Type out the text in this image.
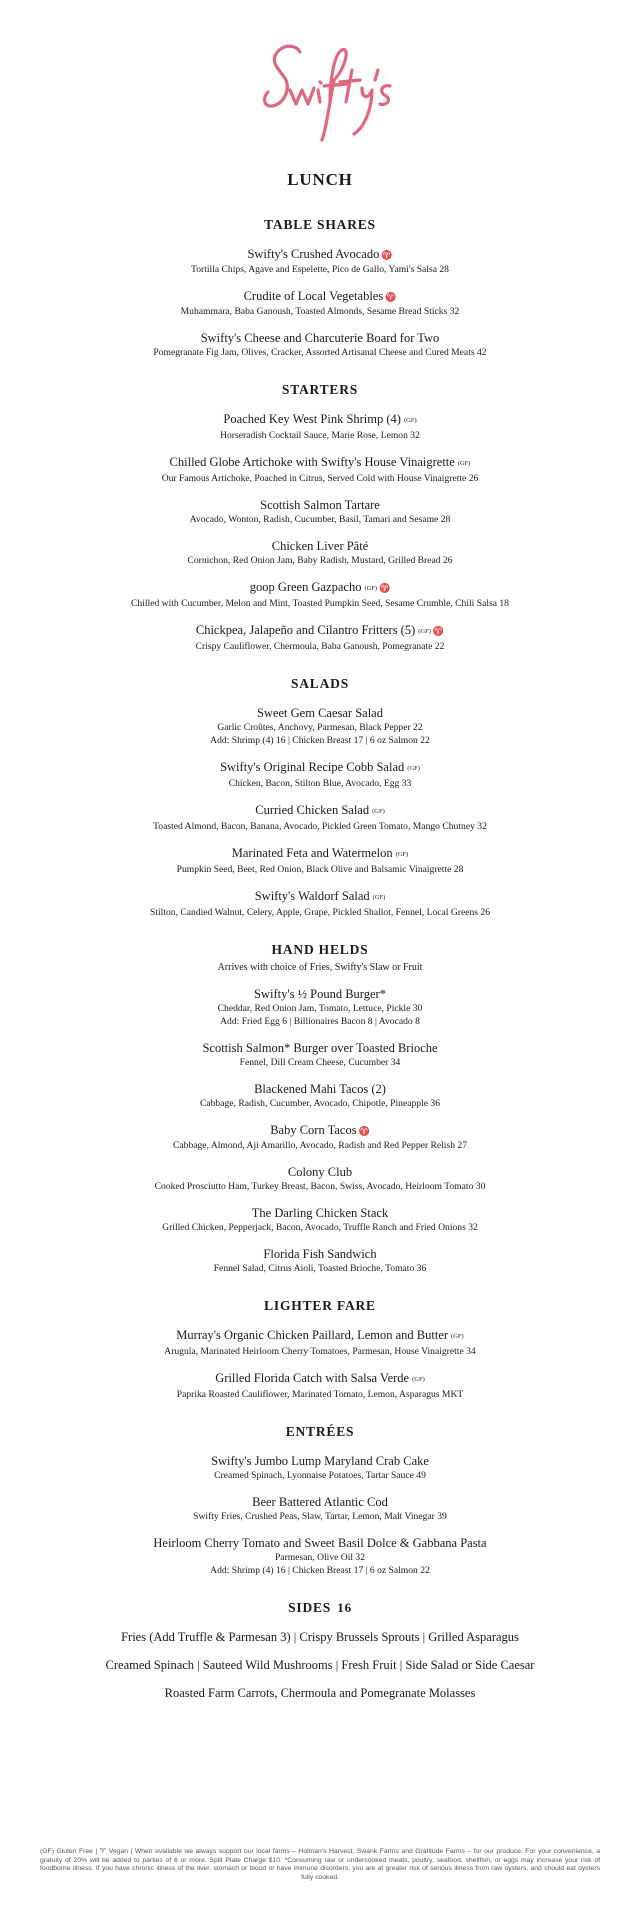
LUNCH
TABLE SHARES
Swifty's Crushed Avocado ♈
Tortilla Chips, Agave and Espelette, Pico de Gallo, Yami's Salsa 28
Crudite of Local Vegetables ♈
Muhammara, Baba Ganoush, Toasted Almonds, Sesame Bread Sticks 32
Swifty's Cheese and Charcuterie Board for Two
Pomegranate Fig Jam, Olives, Cracker, Assorted Artisanal Cheese and Cured Meats 42
STARTERS
Poached Key West Pink Shrimp (4) (GF)
Horseradish Cocktail Sauce, Marie Rose, Lemon 32
Chilled Globe Artichoke with Swifty's House Vinaigrette (GF)
Our Famous Artichoke, Poached in Citrus, Served Cold with House Vinaigrette 26
Scottish Salmon Tartare
Avocado, Wonton, Radish, Cucumber, Basil, Tamari and Sesame 28
Chicken Liver Pâté
Cornichon, Red Onion Jam, Baby Radish, Mustard, Grilled Bread 26
goop Green Gazpacho (GF) ♈
Chilled with Cucumber, Melon and Mint, Toasted Pumpkin Seed, Sesame Crumble, Chili Salsa 18
Chickpea, Jalapeño and Cilantro Fritters (5) (GF) ♈
Crispy Cauliflower, Chermoula, Baba Ganoush, Pomegranate 22
SALADS
Sweet Gem Caesar Salad
Garlic Croûtes, Anchovy, Parmesan, Black Pepper 22
Add: Shrimp (4) 16 | Chicken Breast 17 | 6 oz Salmon 22
Swifty's Original Recipe Cobb Salad (GF)
Chicken, Bacon, Stilton Blue, Avocado, Egg 33
Curried Chicken Salad (GF)
Toasted Almond, Bacon, Banana, Avocado, Pickled Green Tomato, Mango Chutney 32
Marinated Feta and Watermelon (GF)
Pumpkin Seed, Beet, Red Onion, Black Olive and Balsamic Vinaigrette 28
Swifty's Waldorf Salad (GF)
Stilton, Candied Walnut, Celery, Apple, Grape, Pickled Shallot, Fennel, Local Greens 26
HAND HELDS
Arrives with choice of Fries, Swifty's Slaw or Fruit
Swifty's ½ Pound Burger*
Cheddar, Red Onion Jam, Tomato, Lettuce, Pickle 30
Add: Fried Egg 6 | Billionaires Bacon 8 | Avocado 8
Scottish Salmon* Burger over Toasted Brioche
Fennel, Dill Cream Cheese, Cucumber 34
Blackened Mahi Tacos (2)
Cabbage, Radish, Cucumber, Avocado, Chipotle, Pineapple 36
Baby Corn Tacos ♈
Cabbage, Almond, Aji Amarillo, Avocado, Radish and Red Pepper Relish 27
Colony Club
Cooked Prosciutto Ham, Turkey Breast, Bacon, Swiss, Avocado, Heirloom Tomato 30
The Darling Chicken Stack
Grilled Chicken, Pepperjack, Bacon, Avocado, Truffle Ranch and Fried Onions 32
Florida Fish Sandwich
Fennel Salad, Citrus Aioli, Toasted Brioche, Tomato 36
LIGHTER FARE
Murray's Organic Chicken Paillard, Lemon and Butter (GF)
Arugula, Marinated Heirloom Cherry Tomatoes, Parmesan, House Vinaigrette 34
Grilled Florida Catch with Salsa Verde (GF)
Paprika Roasted Cauliflower, Marinated Tomato, Lemon, Asparagus MKT
ENTRÉES
Swifty's Jumbo Lump Maryland Crab Cake
Creamed Spinach, Lyonnaise Potatoes, Tartar Sauce 49
Beer Battered Atlantic Cod
Swifty Fries, Crushed Peas, Slaw, Tartar, Lemon, Malt Vinegar 39
Heirloom Cherry Tomato and Sweet Basil Dolce & Gabbana Pasta
Parmesan, Olive Oil 32
Add: Shrimp (4) 16 | Chicken Breast 17 | 6 oz Salmon 22
SIDES 16
Fries (Add Truffle & Parmesan 3) | Crispy Brussels Sprouts | Grilled Asparagus
Creamed Spinach | Sauteed Wild Mushrooms | Fresh Fruit | Side Salad or Side Caesar
Roasted Farm Carrots, Chermoula and Pomegranate Molasses
(GF) Gluten Free | ♈ Vegan | When available we always support our local farms – Holman's Harvest, Swank Farms and Gratitude Farms – for our produce. For your convenience, a gratuity of 20% will be added to parties of 6 or more. Split Plate Charge $10. *Consuming raw or undercooked meats, poultry, seafood, shellfish, or eggs may increase your risk of foodborne illness. If you have chronic illness of the liver, stomach or blood or have immune disorders, you are at greater risk of serious illness from raw oysters, and should eat oysters fully cooked.
